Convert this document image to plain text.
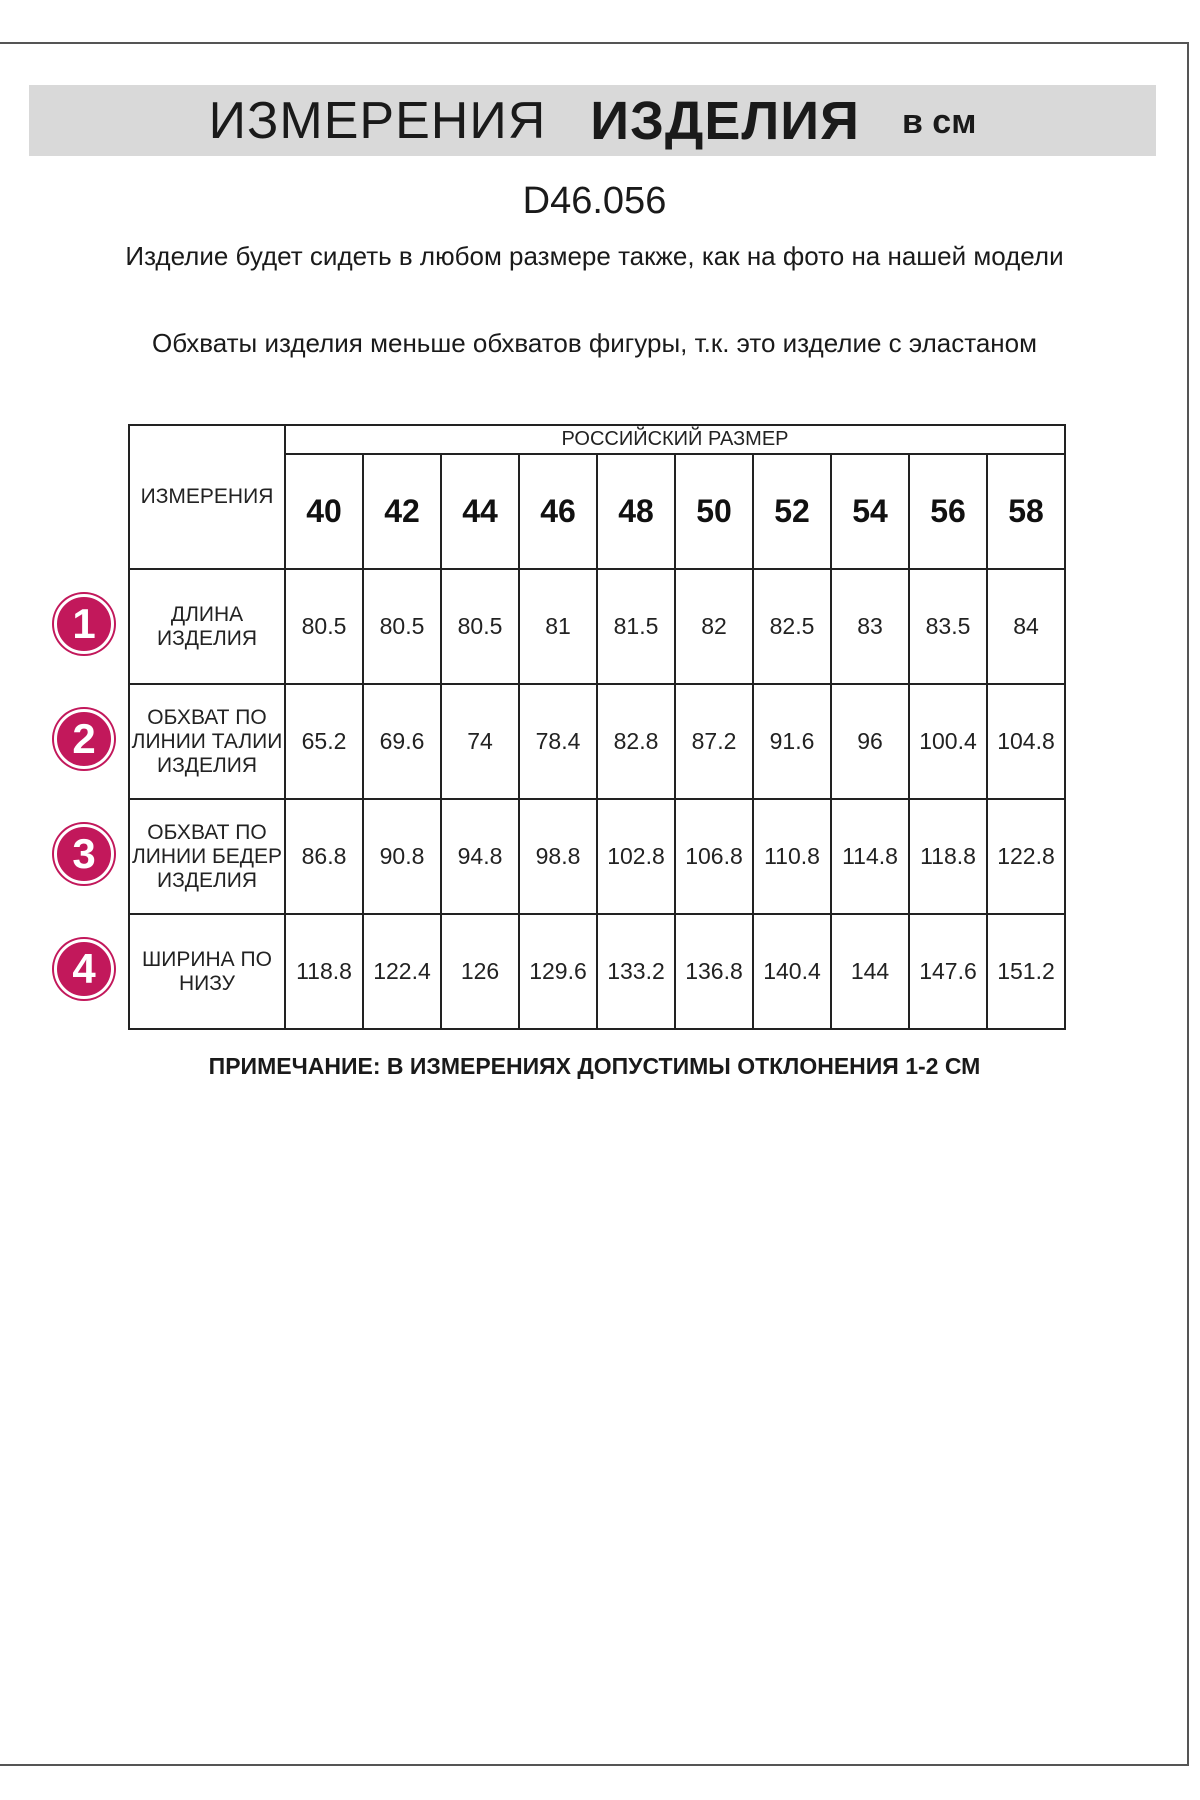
ИЗМЕРЕНИЯ ИЗДЕЛИЯ в см
D46.056
Изделие будет сидеть в любом размере также, как на фото на нашей модели
Обхваты изделия меньше обхватов фигуры, т.к. это изделие с эластаном
ИЗМЕРЕНИЯ	РОССИЙСКИЙ РАЗМЕР									
	40	42	44	46	48	50	52	54	56	58
ДЛИНА ИЗДЕЛИЯ	80.5	80.5	80.5	81	81.5	82	82.5	83	83.5	84
ОБХВАТ ПО ЛИНИИ ТАЛИИ ИЗДЕЛИЯ	65.2	69.6	74	78.4	82.8	87.2	91.6	96	100.4	104.8
ОБХВАТ ПО ЛИНИИ БЕДЕР ИЗДЕЛИЯ	86.8	90.8	94.8	98.8	102.8	106.8	110.8	114.8	118.8	122.8
ШИРИНА ПО НИЗУ	118.8	122.4	126	129.6	133.2	136.8	140.4	144	147.6	151.2
1
2
3
4
ПРИМЕЧАНИЕ: В ИЗМЕРЕНИЯХ ДОПУСТИМЫ ОТКЛОНЕНИЯ 1-2 СМ
